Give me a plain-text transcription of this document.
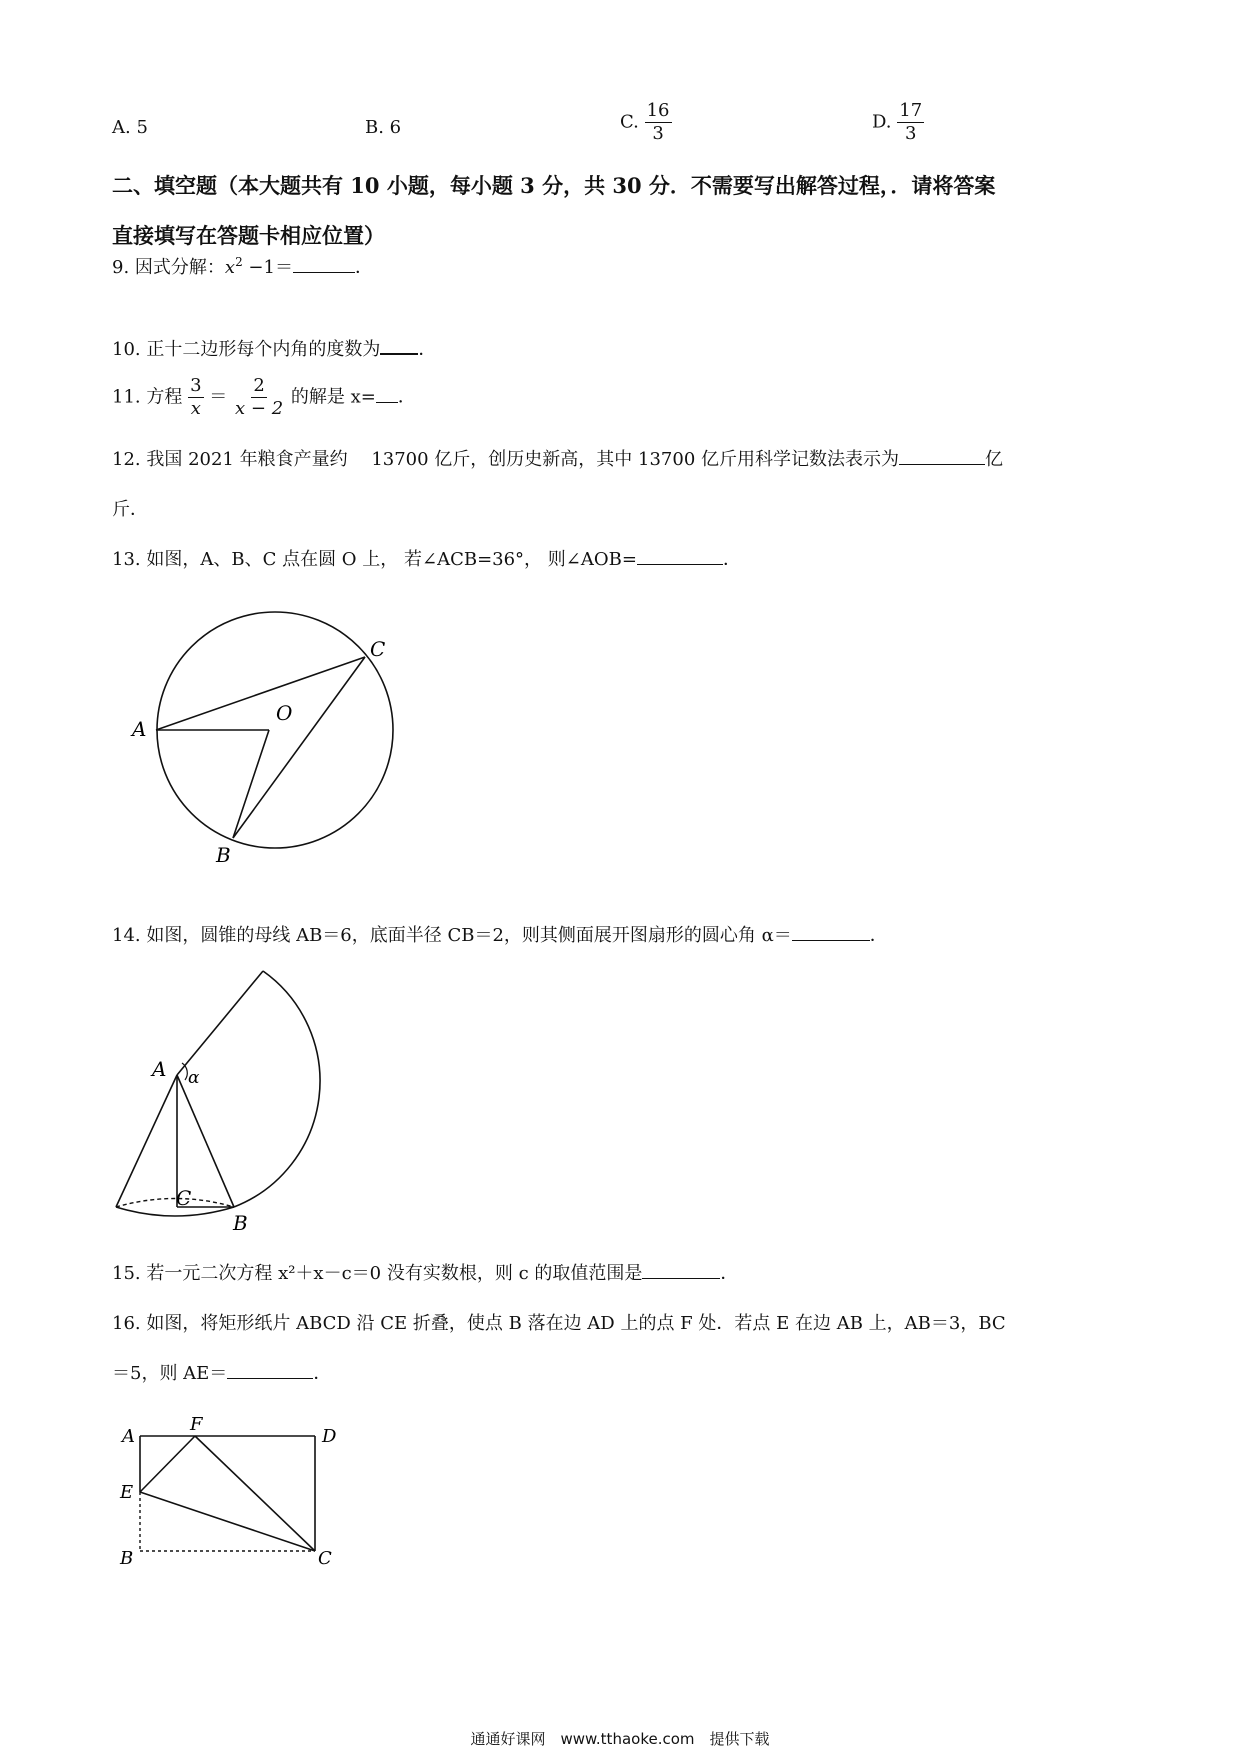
A. 5	B. 6	C. $\frac{16}{3}$	D. $\frac{17}{3}$
二、填空题（本大题共有 10 小题，每小题 3 分，共 30 分．不需要写出解答过程，．请将答案
直接填写在答题卡相应位置）
9. 因式分解：$x^2 -1=$	．
10. 正十二边形每个内角的度数为 ．
11. 方程 $\frac{3}{x} = \frac{2}{x - 2}$ 的解是 x= ．
12. 我国 2021 年粮食产量约　 13700 亿斤，创历史新高，其中 13700 亿斤用科学记数法表示为	亿
斤．
13. 如图，A、B、C 点在圆 O 上， 若∠ACB=36°， 则∠AOB=	．
A
B
C
O
14. 如图，圆锥的母线 AB＝6，底面半径 CB＝2，则其侧面展开图扇形的圆心角 α＝	．
A α
C
B
15. 若一元二次方程 x²＋x－c＝0 没有实数根，则 c 的取值范围是	．
16. 如图，将矩形纸片 ABCD 沿 CE 折叠，使点 B 落在边 AD 上的点 F 处．若点 E 在边 AB 上，AB＝3，BC
＝5，则 AE＝	．
A
F
D
E
B	C
通通好课网　www.tthaoke.com　提供下载
